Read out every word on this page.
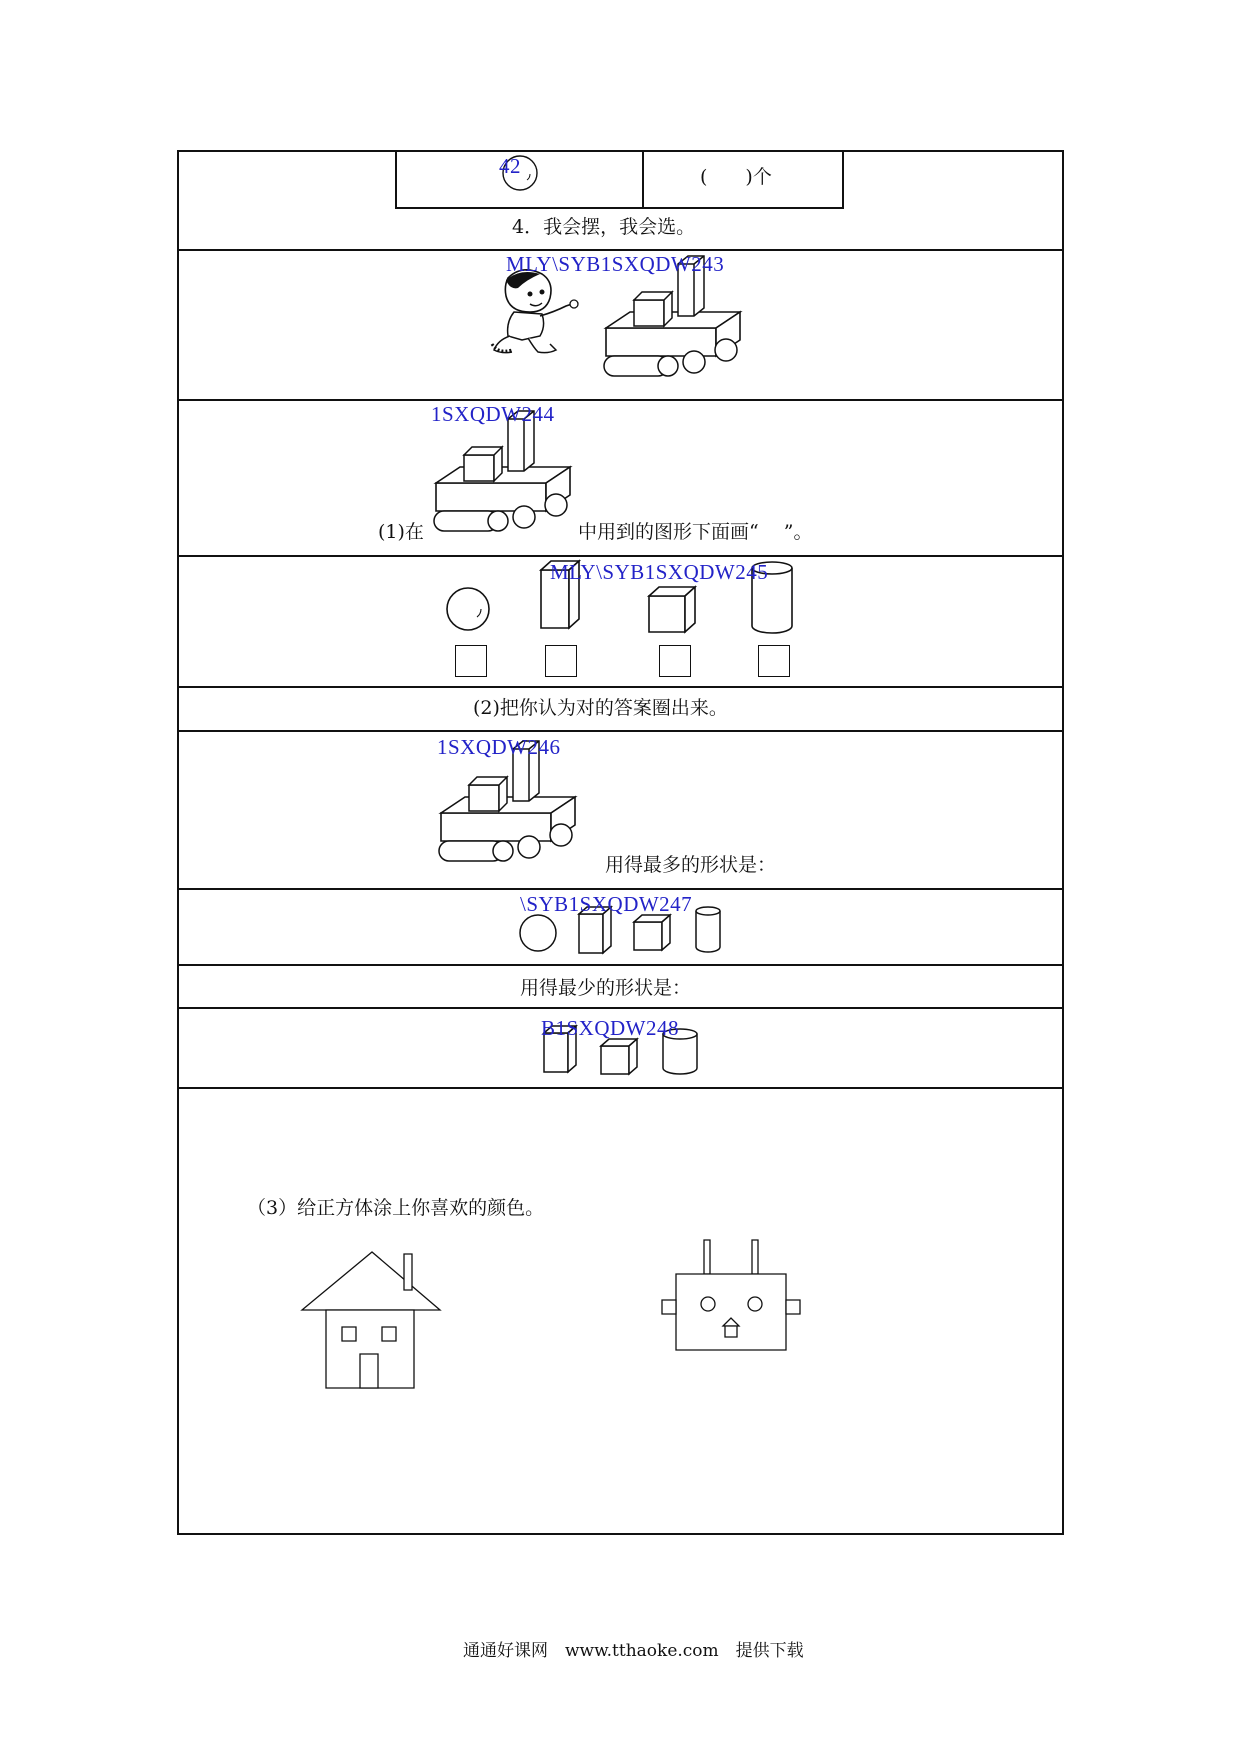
42	(　　)个
4．我会摆，我会选。
MLY\SYB1SXQDW243
1SXQDW244
(1)在	中用到的图形下面画“　 ”。
MLY\SYB1SXQDW245
(2)把你认为对的答案圈出来。
1SXQDW246
用得最多的形状是：
\SYB1SXQDW247
用得最少的形状是：
B1SXQDW248
（3）给正方体涂上你喜欢的颜色。
通通好课网　www.tthaoke.com　提供下载
